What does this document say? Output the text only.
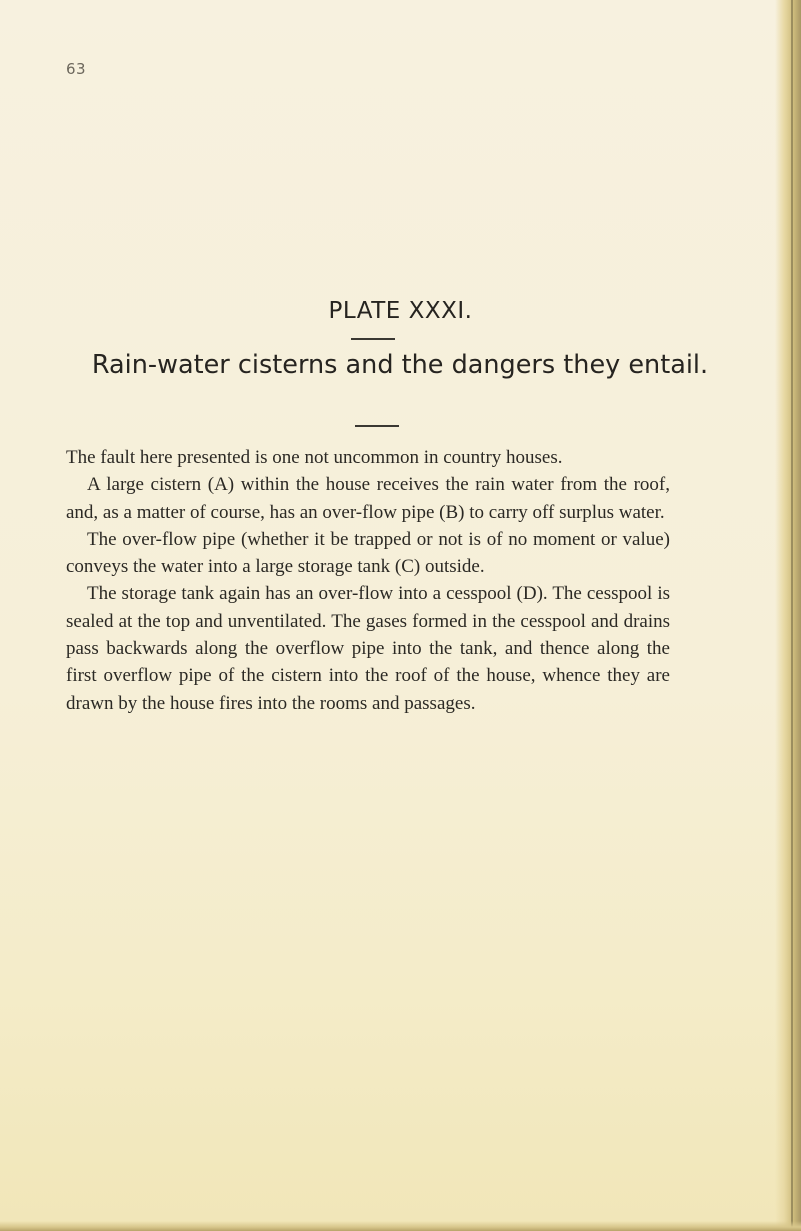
63
PLATE XXXI.
Rain-water cisterns and the dangers they entail.

The fault here presented is one not uncommon in country houses.

A large cistern (A) within the house receives the rain water from the roof, and, as a matter of course, has an over-flow pipe (B) to carry off surplus water.

The over-flow pipe (whether it be trapped or not is of no moment or value) conveys the water into a large storage tank (C) outside.

The storage tank again has an over-flow into a cesspool (D). The cesspool is sealed at the top and unventilated. The gases formed in the cesspool and drains pass backwards along the overflow pipe into the tank, and thence along the first overflow pipe of the cistern into the roof of the house, whence they are drawn by the house fires into the rooms and passages.
